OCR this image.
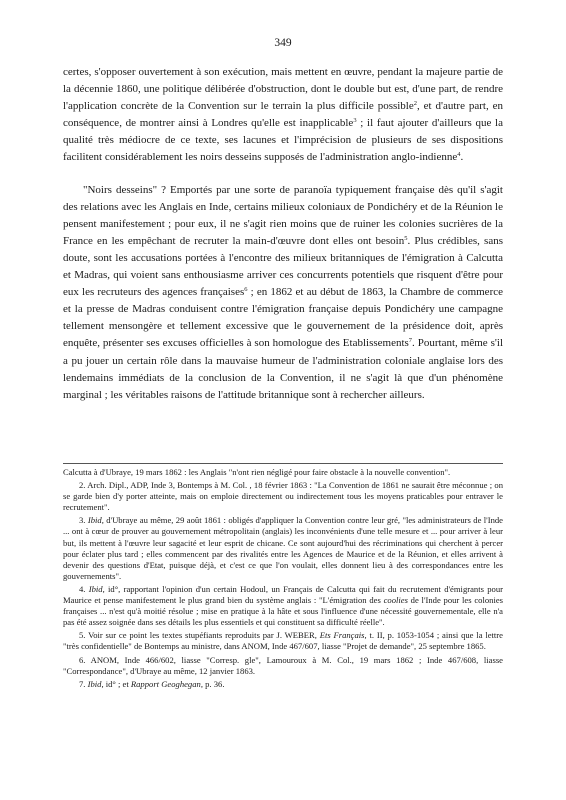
349

certes, s'opposer ouvertement à son exécution, mais mettent en œuvre, pendant la majeure partie de la décennie 1860, une politique délibérée d'obstruction, dont le double but est, d'une part, de rendre l'application concrète de la Convention sur le terrain la plus difficile possible$^2$, et d'autre part, en conséquence, de montrer ainsi à Londres qu'elle est inapplicable$^3$ ; il faut ajouter d'ailleurs que la qualité très médiocre de ce texte, ses lacunes et l'imprécision de plusieurs de ses dispositions facilitent considérablement les noirs desseins supposés de l'administration anglo-indienne$^4$.

"Noirs desseins" ? Emportés par une sorte de paranoïa typiquement française dès qu'il s'agit des relations avec les Anglais en Inde, certains milieux coloniaux de Pondichéry et de la Réunion le pensent manifestement ; pour eux, il ne s'agit rien moins que de ruiner les colonies sucrières de la France en les empêchant de recruter la main-d'œuvre dont elles ont besoin$^5$. Plus crédibles, sans doute, sont les accusations portées à l'encontre des milieux britanniques de l'émigration à Calcutta et Madras, qui voient sans enthousiasme arriver ces concurrents potentiels que risquent d'être pour eux les recruteurs des agences françaises$^6$ ; en 1862 et au début de 1863, la Chambre de commerce et la presse de Madras conduisent contre l'émigration française depuis Pondichéry une campagne tellement mensongère et tellement excessive que le gouvernement de la présidence doit, après enquête, présenter ses excuses officielles à son homologue des Etablissements$^7$. Pourtant, même s'il a pu jouer un certain rôle dans la mauvaise humeur de l'administration coloniale anglaise lors des lendemains immédiats de la conclusion de la Convention, il ne s'agit là que d'un phénomène marginal ; les véritables raisons de l'attitude britannique sont à rechercher ailleurs.

Calcutta à d'Ubraye, 19 mars 1862 : les Anglais "n'ont rien négligé pour faire obstacle à la nouvelle convention".

2. Arch. Dipl., ADP, Inde 3, Bontemps à M. Col. , 18 février 1863 : "La Convention de 1861 ne saurait être méconnue ; on se garde bien d'y porter atteinte, mais on emploie directement ou indirectement tous les moyens praticables pour entraver le recrutement".

3. Ibid, d'Ubraye au même, 29 août 1861 : obligés d'appliquer la Convention contre leur gré, "les administrateurs de l'Inde ... ont à cœur de prouver au gouvernement métropolitain (anglais) les inconvénients d'une telle mesure et ... pour arriver à leur but, ils mettent à l'œuvre leur sagacité et leur esprit de chicane. Ce sont aujourd'hui des récriminations qui cherchent à percer pour éclater plus tard ; elles commencent par des rivalités entre les Agences de Maurice et de la Réunion, et elles arrivent à devenir des questions d'Etat, puisque déjà, et c'est ce que l'on voulait, elles donnent lieu à des correspondances entre les gouvernements".

4. Ibid, id°, rapportant l'opinion d'un certain Hodoul, un Français de Calcutta qui fait du recrutement d'émigrants pour Maurice et pense manifestement le plus grand bien du système anglais : "L'émigration des coolies de l'Inde pour les colonies françaises ... n'est qu'à moitié résolue ; mise en pratique à la hâte et sous l'influence d'une nécessité gouvernementale, elle n'a pas été assez soignée dans ses détails les plus essentiels et qui constituent sa difficulté réelle".

5. Voir sur ce point les textes stupéfiants reproduits par J. WEBER, Ets Français, t. II, p. 1053-1054 ; ainsi que la lettre "très confidentielle" de Bontemps au ministre, dans ANOM, Inde 467/607, liasse "Projet de demande", 25 septembre 1865.

6. ANOM, Inde 466/602, liasse "Corresp. gle", Lamouroux à M. Col., 19 mars 1862 ; Inde 467/608, liasse "Correspondance", d'Ubraye au même, 12 janvier 1863.

7. Ibid, id° ; et Rapport Geoghegan, p. 36.
